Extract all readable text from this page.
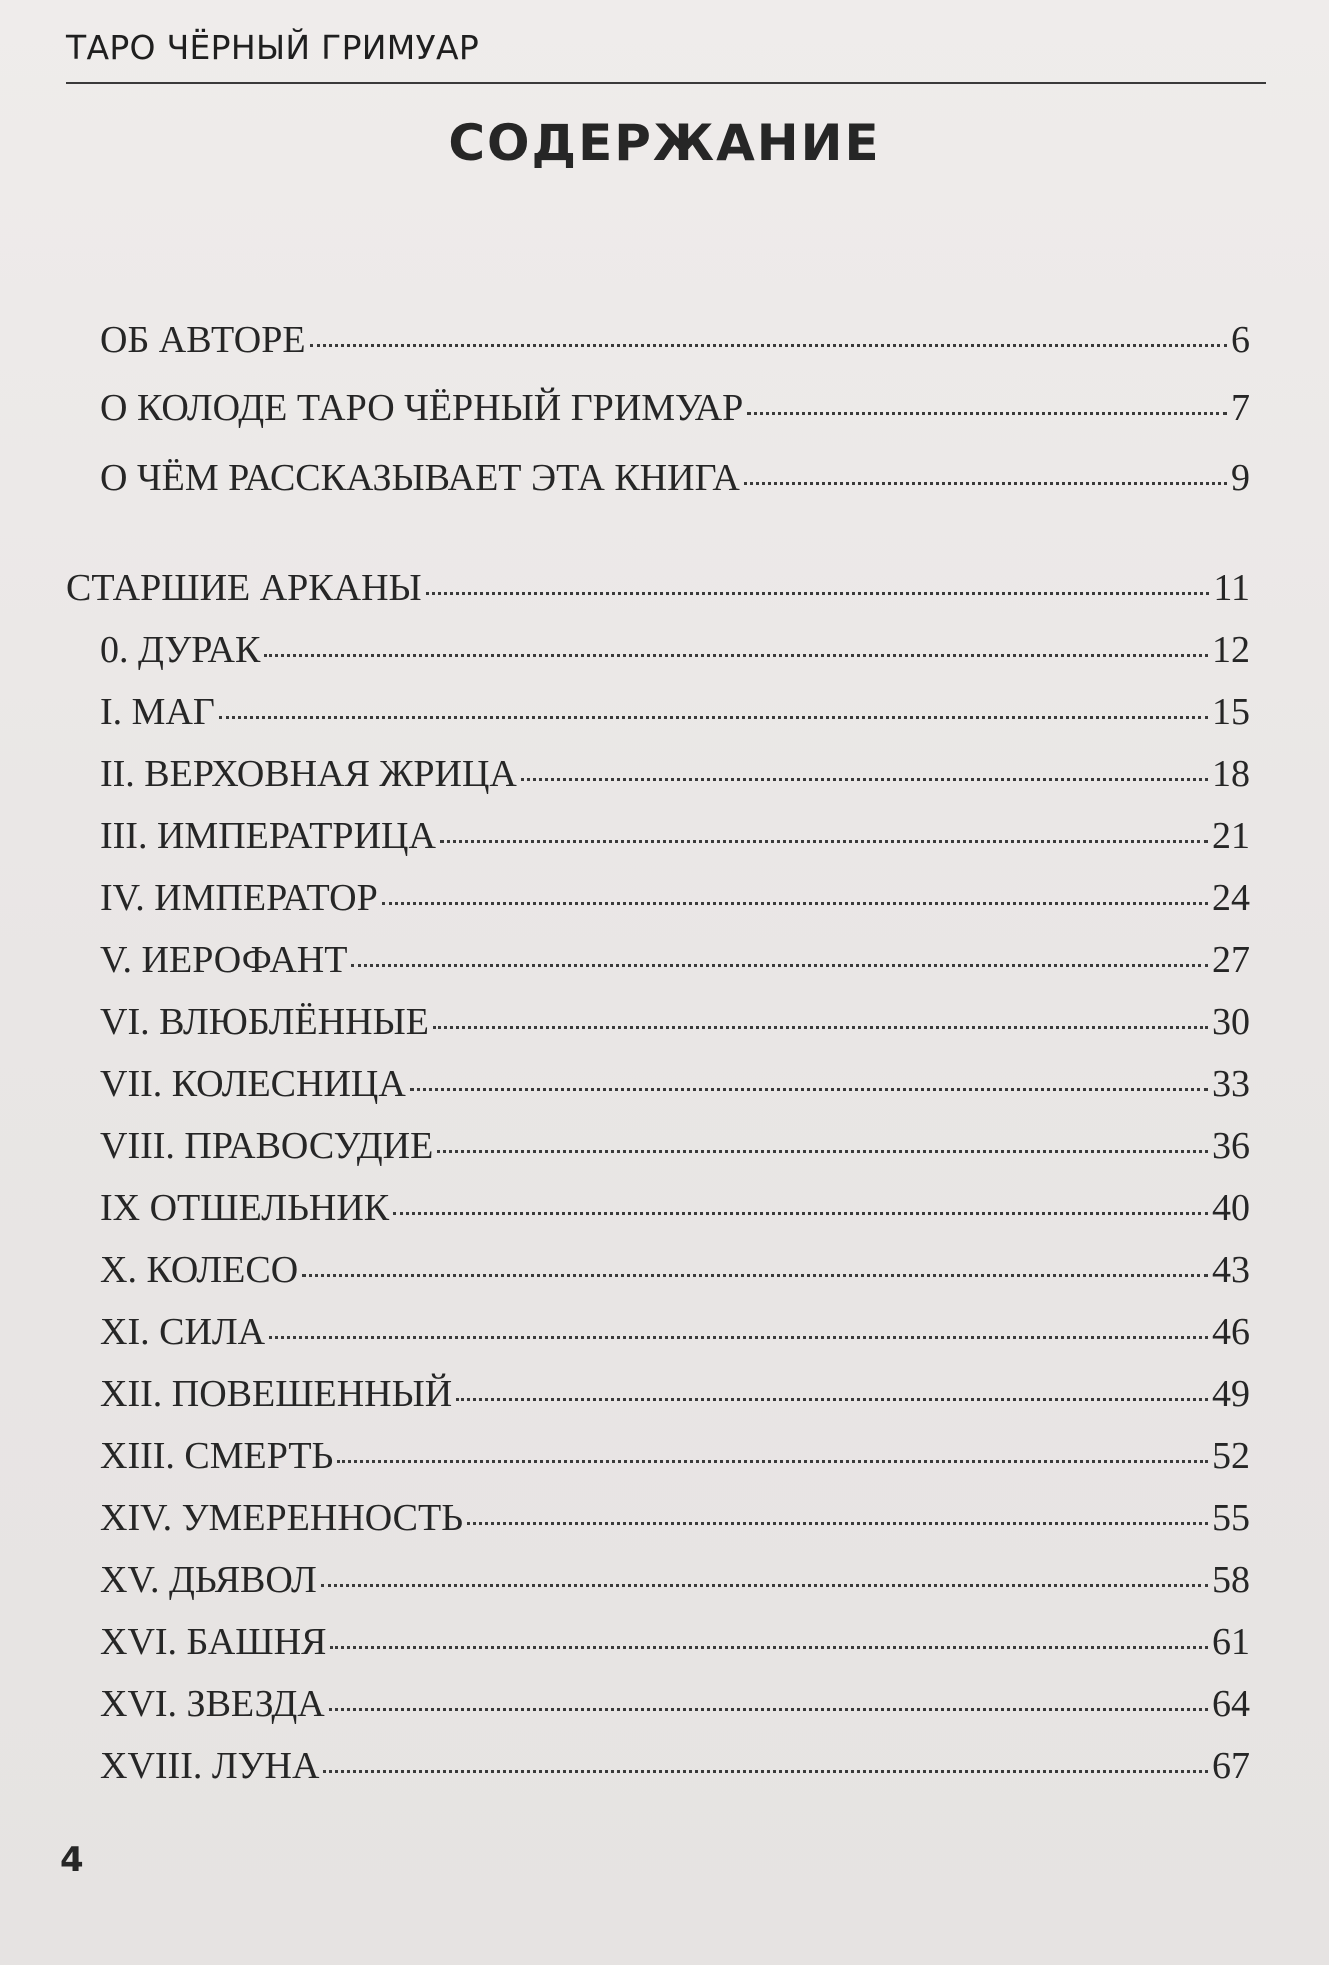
ТАРО ЧЁРНЫЙ ГРИМУАР
СОДЕРЖАНИЕ
ОБ АВТОРЕ	6
О КОЛОДЕ ТАРО ЧЁРНЫЙ ГРИМУАР	7
О ЧЁМ РАССКАЗЫВАЕТ ЭТА КНИГА	9
СТАРШИЕ АРКАНЫ	11
0. ДУРАК	12
I. МАГ	15
II. ВЕРХОВНАЯ ЖРИЦА	18
III. ИМПЕРАТРИЦА	21
IV. ИМПЕРАТОР	24
V. ИЕРОФАНТ	27
VI. ВЛЮБЛЁННЫЕ	30
VII. КОЛЕСНИЦА	33
VIII. ПРАВОСУДИЕ	36
IX ОТШЕЛЬНИК	40
X. КОЛЕСО	43
XI. СИЛА	46
XII. ПОВЕШЕННЫЙ	49
XIII. СМЕРТЬ	52
XIV. УМЕРЕННОСТЬ	55
XV. ДЬЯВОЛ	58
XVI. БАШНЯ	61
XVI. ЗВЕЗДА	64
XVIII. ЛУНА	67
4
